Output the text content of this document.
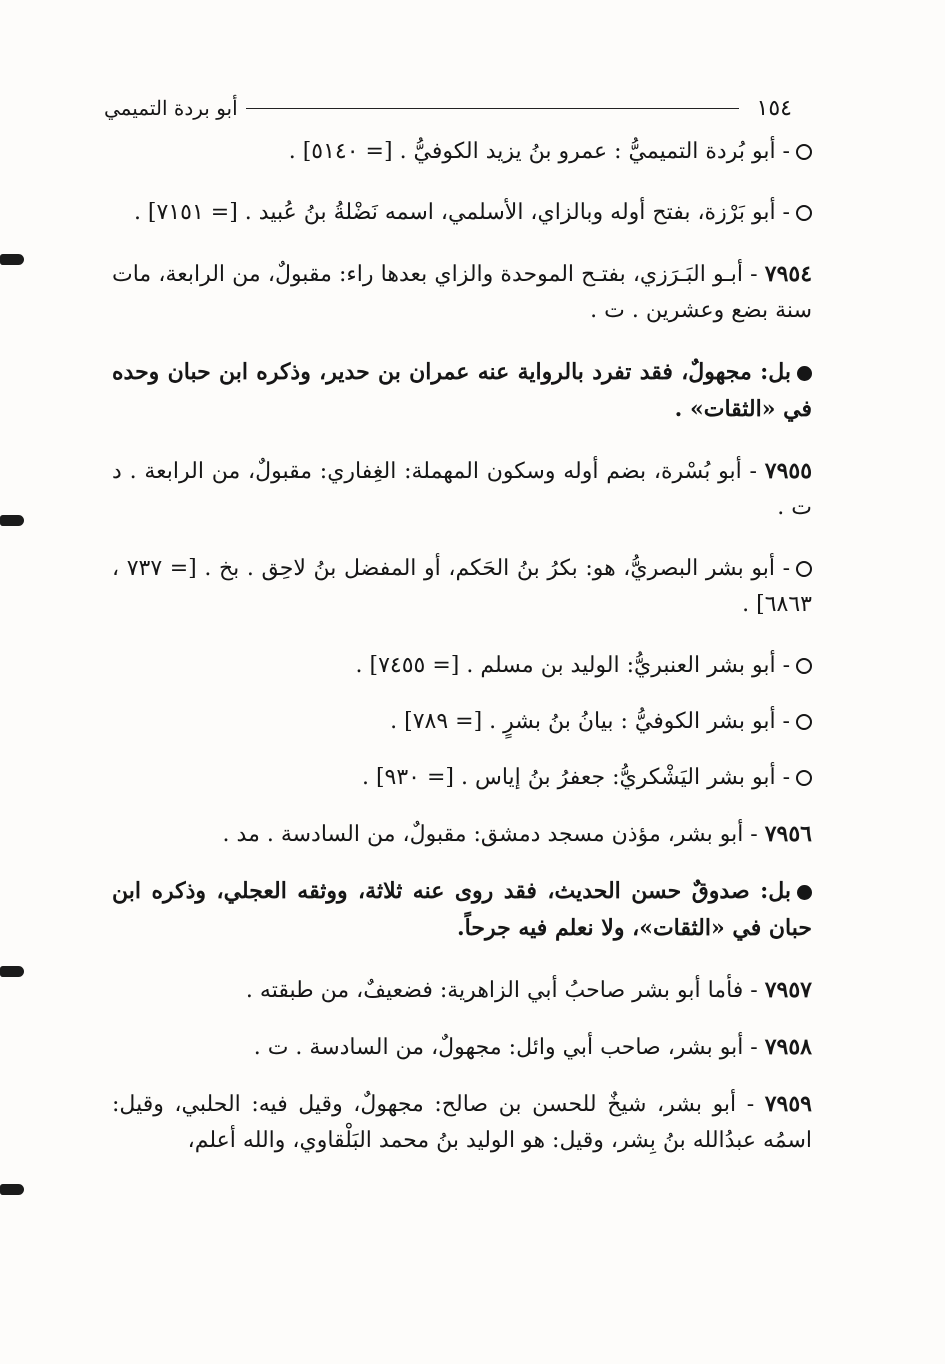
١٥٤
أبو بردة التميمي

- أبو بُردة التميميُّ : عمرو بنُ يزيد الكوفيُّ . [= ٥١٤٠] .

- أبو بَرْزة، بفتح أوله وبالزاي، الأسلمي، اسمه نَضْلةُ بنُ عُبيد . [= ٧١٥١] .

٧٩٥٤ - أبـو البَـرَزي، بفتـح الموحدة والزاي بعدها راء: مقبولٌ، من الرابعة، مات سنة بضع وعشرين . ت .

بل: مجهولٌ، فقد تفرد بالرواية عنه عمران بن حدير، وذكره ابن حبان وحده في «الثقات» .

٧٩٥٥ - أبو بُسْرة، بضم أوله وسكون المهملة: الغِفاري: مقبولٌ، من الرابعة . د ت .

- أبو بشر البصريُّ، هو: بكرُ بنُ الحَكم، أو المفضل بنُ لاحِق . بخ . [= ٧٣٧ ، ٦٨٦٣] .

- أبو بشر العنبريُّ: الوليد بن مسلم . [= ٧٤٥٥] .

- أبو بشر الكوفيُّ : بيانُ بنُ بشرٍ . [= ٧٨٩] .

- أبو بشر اليَشْكريُّ: جعفرُ بنُ إياس . [= ٩٣٠] .

٧٩٥٦ - أبو بشر، مؤذن مسجد دمشق: مقبولٌ، من السادسة . مد .

بل: صدوقٌ حسن الحديث، فقد روى عنه ثلاثة، ووثقه العجلي، وذكره ابن حبان في «الثقات»، ولا نعلم فيه جرحاً.

٧٩٥٧ - فأما أبو بشر صاحبُ أبي الزاهرية: فضعيفٌ، من طبقته .

٧٩٥٨ - أبو بشر، صاحب أبي وائل: مجهولٌ، من السادسة . ت .

٧٩٥٩ - أبو بشر، شيخٌ للحسن بن صالح: مجهولٌ، وقيل فيه: الحلبي، وقيل: اسمُه عبدُالله بنُ بِشر، وقيل: هو الوليد بنُ محمد البَلْقاوي، والله أعلم،
